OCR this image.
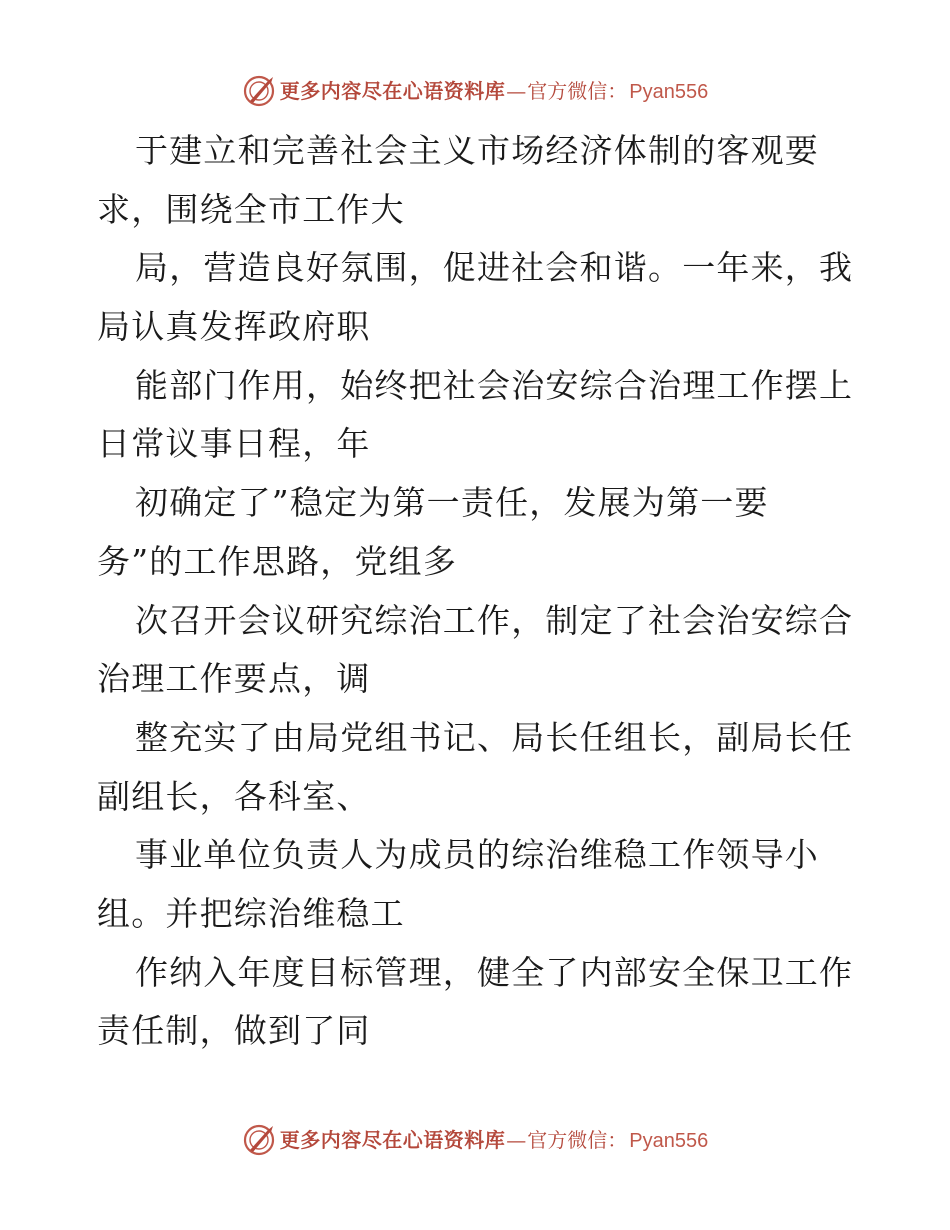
更多内容尽在心语资料库 — 官方微信： Pyan556
于建立和完善社会主义市场经济体制的客观要
求，围绕全市工作大
局，营造良好氛围，促进社会和谐。一年来，我
局认真发挥政府职
能部门作用，始终把社会治安综合治理工作摆上
日常议事日程，年
初确定了”稳定为第一责任，发展为第一要
务”的工作思路，党组多
次召开会议研究综治工作，制定了社会治安综合
治理工作要点，调
整充实了由局党组书记、局长任组长，副局长任
副组长，各科室、
事业单位负责人为成员的综治维稳工作领导小
组。并把综治维稳工
作纳入年度目标管理，健全了内部安全保卫工作
责任制，做到了同
更多内容尽在心语资料库 — 官方微信： Pyan556
